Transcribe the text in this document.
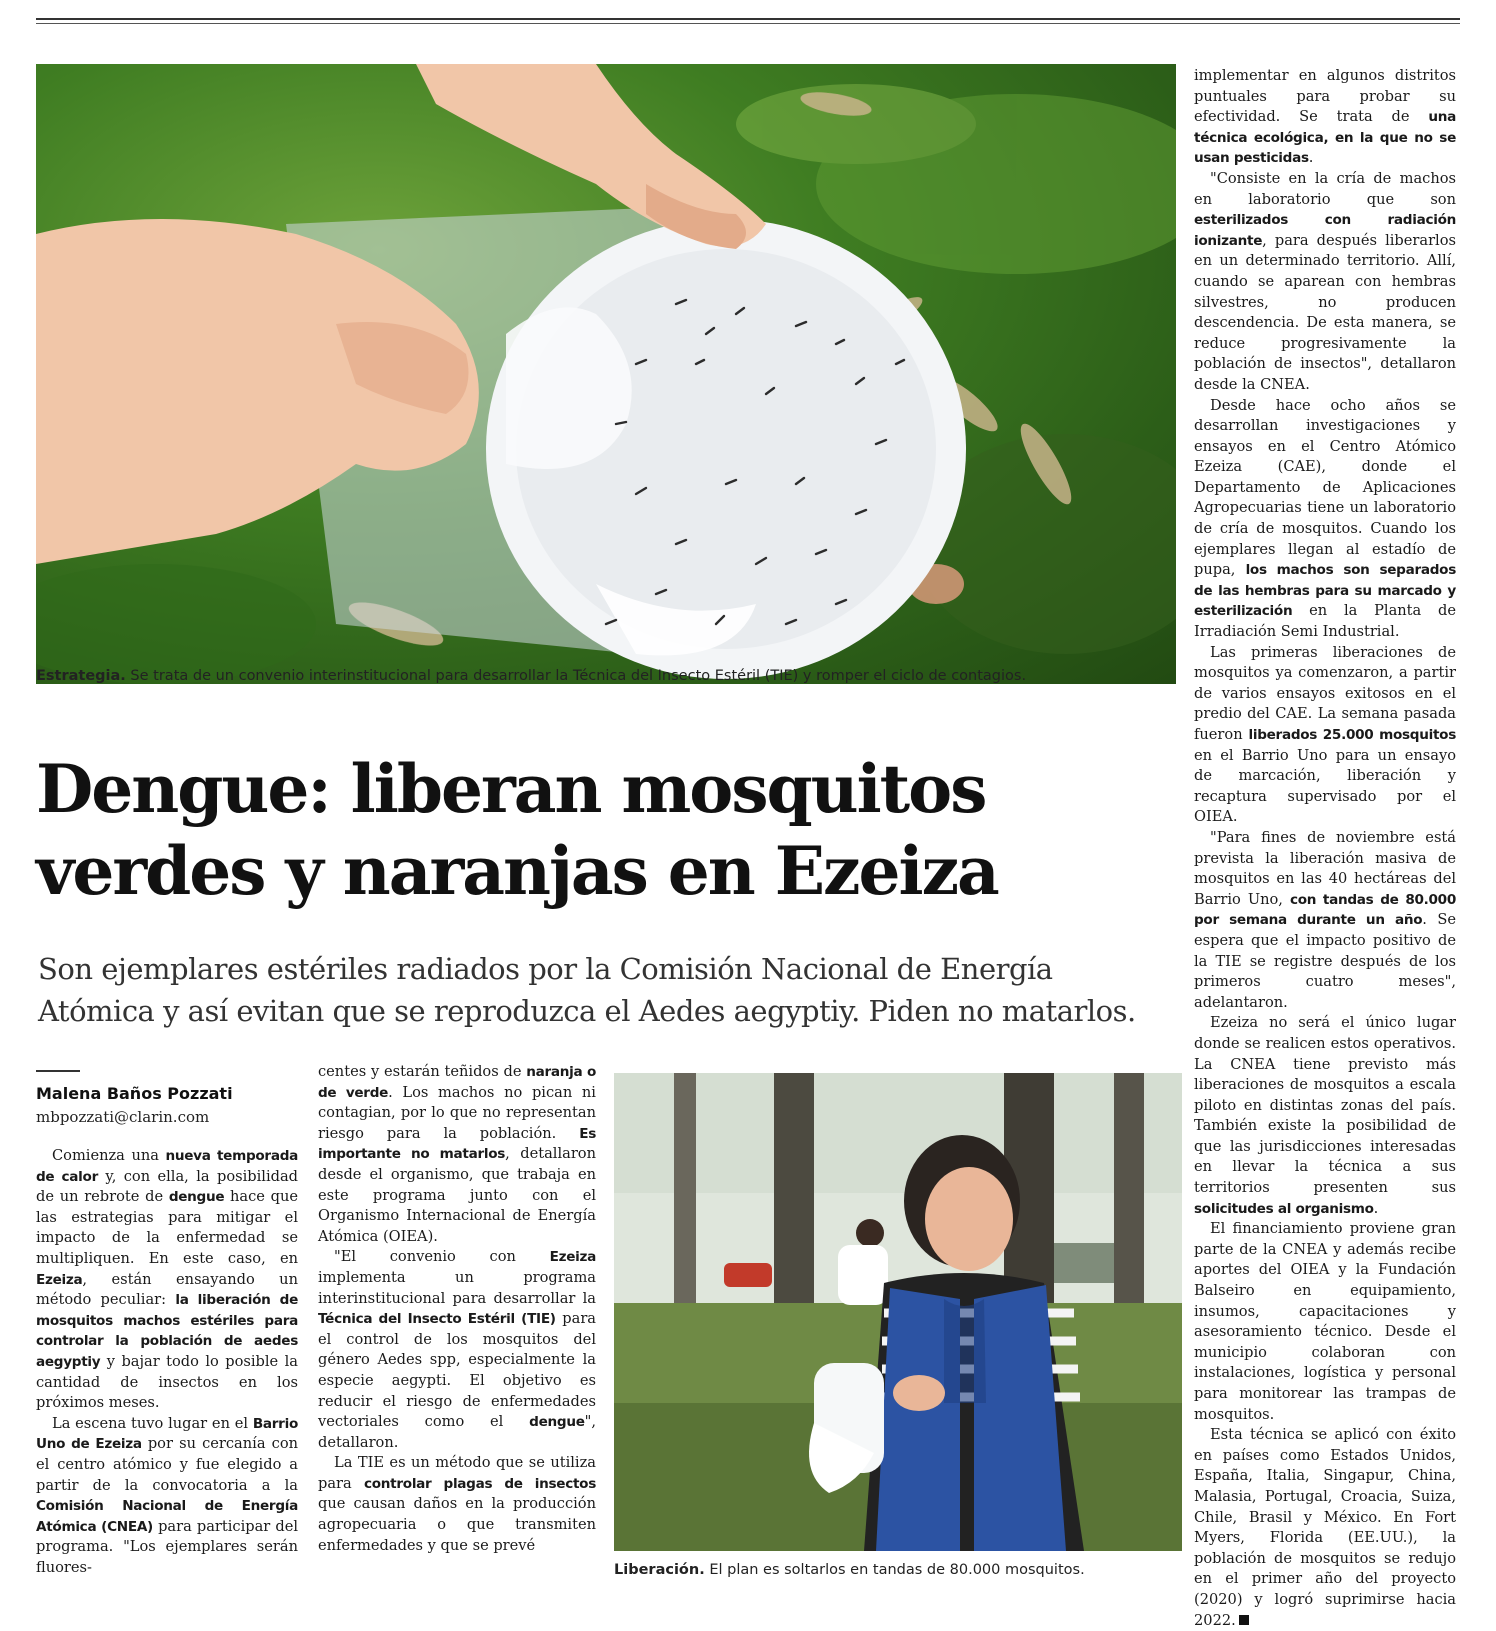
Estrategia. Se trata de un convenio interinstitucional para desarrollar la Técnica del Insecto Estéril (TIE) y romper el ciclo de contagios.
Dengue: liberan mosquitos
verdes y naranjas en Ezeiza

Son ejemplares estériles radiados por la Comisión Nacional de Energía
Atómica y así evitan que se reproduzca el Aedes aegyptiy. Piden no matarlos.

Malena Baños Pozzati
mbpozzati@clarin.com

Comienza una nueva temporada de calor y, con ella, la posibilidad de un rebrote de dengue hace que las estrategias para mitigar el impacto de la enfermedad se multipliquen. En este caso, en Ezeiza, están ensayando un método peculiar: la liberación de mosquitos machos estériles para controlar la población de aedes aegyptiy y bajar todo lo posible la cantidad de insectos en los próximos meses.

La escena tuvo lugar en el Barrio Uno de Ezeiza por su cercanía con el centro atómico y fue elegido a partir de la convocatoria a la Comisión Nacional de Energía Atómica (CNEA) para participar del programa. "Los ejemplares serán fluores-

centes y estarán teñidos de naranja o de verde. Los machos no pican ni contagian, por lo que no representan riesgo para la población. Es importante no matarlos, detallaron desde el organismo, que trabaja en este programa junto con el Organismo Internacional de Energía Atómica (OIEA).

"El convenio con Ezeiza implementa un programa interinstitucional para desarrollar la Técnica del Insecto Estéril (TIE) para el control de los mosquitos del género Aedes spp, especialmente la especie aegypti. El objetivo es reducir el riesgo de enfermedades vectoriales como el dengue", detallaron.

La TIE es un método que se utiliza para controlar plagas de insectos que causan daños en la producción agropecuaria o que transmiten enfermedades y que se prevé

implementar en algunos distritos puntuales para probar su efectividad. Se trata de una técnica ecológica, en la que no se usan pesticidas.

"Consiste en la cría de machos en laboratorio que son esterilizados con radiación ionizante, para después liberarlos en un determinado territorio. Allí, cuando se aparean con hembras silvestres, no producen descendencia. De esta manera, se reduce progresivamente la población de insectos", detallaron desde la CNEA.

Desde hace ocho años se desarrollan investigaciones y ensayos en el Centro Atómico Ezeiza (CAE), donde el Departamento de Aplicaciones Agropecuarias tiene un laboratorio de cría de mosquitos. Cuando los ejemplares llegan al estadío de pupa, los machos son separados de las hembras para su marcado y esterilización en la Planta de Irradiación Semi Industrial.

Las primeras liberaciones de mosquitos ya comenzaron, a partir de varios ensayos exitosos en el predio del CAE. La semana pasada fueron liberados 25.000 mosquitos en el Barrio Uno para un ensayo de marcación, liberación y recaptura supervisado por el OIEA.

"Para fines de noviembre está prevista la liberación masiva de mosquitos en las 40 hectáreas del Barrio Uno, con tandas de 80.000 por semana durante un año. Se espera que el impacto positivo de la TIE se registre después de los primeros cuatro meses", adelantaron.

Ezeiza no será el único lugar donde se realicen estos operativos. La CNEA tiene previsto más liberaciones de mosquitos a escala piloto en distintas zonas del país. También existe la posibilidad de que las jurisdicciones interesadas en llevar la técnica a sus territorios presenten sus solicitudes al organismo.

El financiamiento proviene gran parte de la CNEA y además recibe aportes del OIEA y la Fundación Balseiro en equipamiento, insumos, capacitaciones y asesoramiento técnico. Desde el municipio colaboran con instalaciones, logística y personal para monitorear las trampas de mosquitos.

Esta técnica se aplicó con éxito en países como Estados Unidos, España, Italia, Singapur, China, Malasia, Portugal, Croacia, Suiza, Chile, Brasil y México. En Fort Myers, Florida (EE.UU.), la población de mosquitos se redujo en el primer año del proyecto (2020) y logró suprimirse hacia 2022.

Liberación. El plan es soltarlos en tandas de 80.000 mosquitos.
